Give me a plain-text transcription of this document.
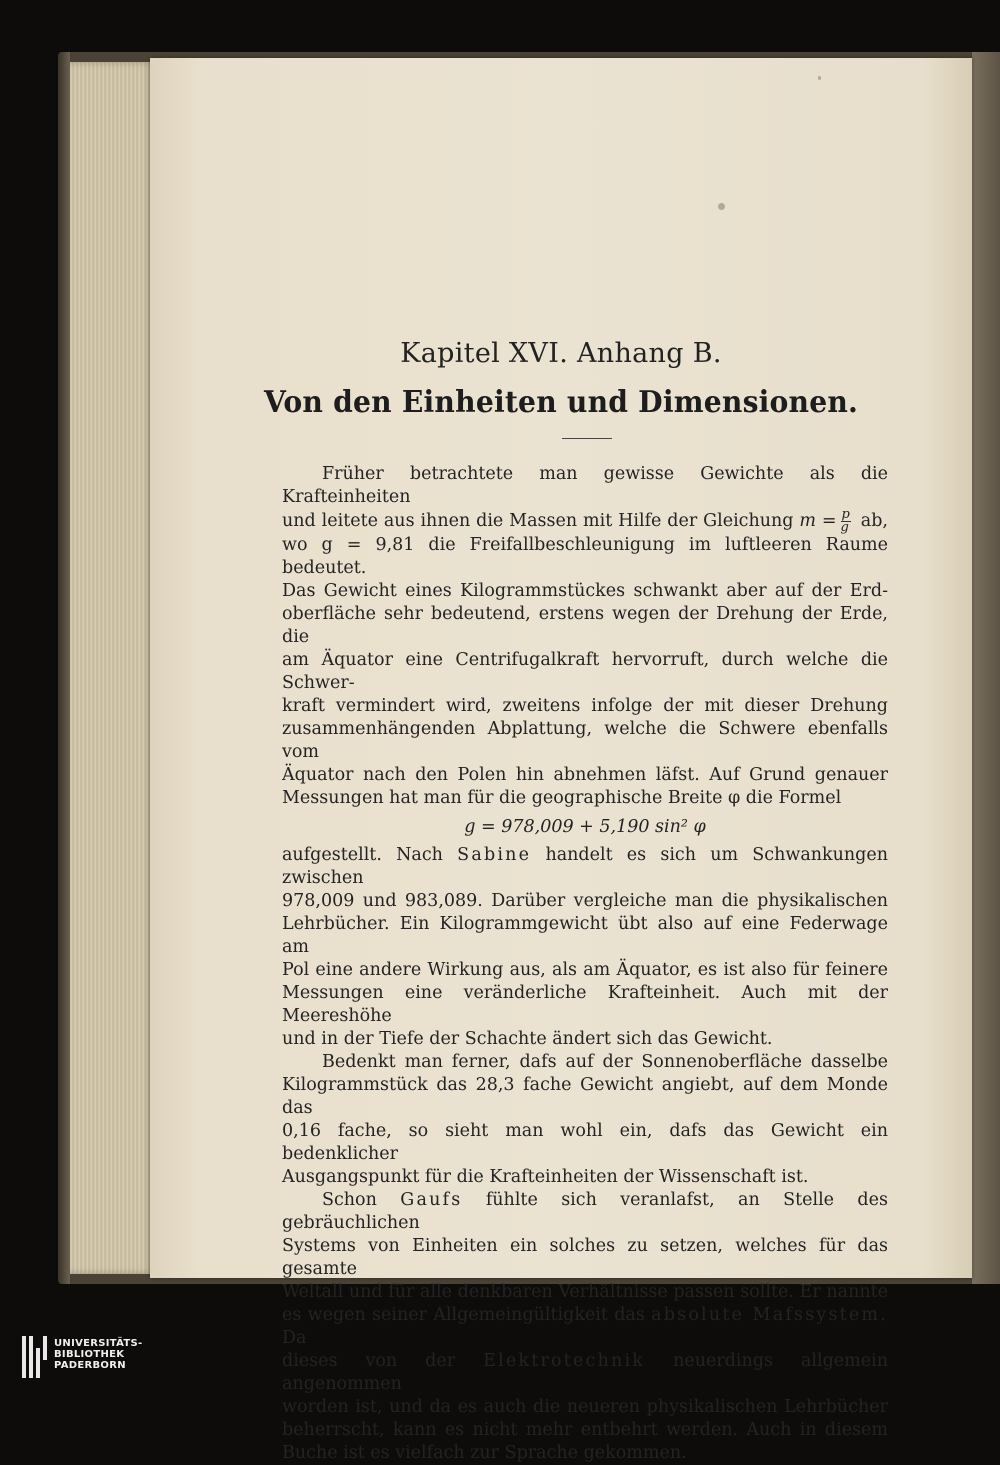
Kapitel XVI. Anhang B.
Von den Einheiten und Dimensionen.
Früher betrachtete man gewisse Gewichte als die Krafteinheiten
und leitete aus ihnen die Massen mit Hilfe der Gleichung $m = \frac{p}{g}$ ab,
wo g = 9,81 die Freifallbeschleunigung im luftleeren Raume bedeutet.
Das Gewicht eines Kilogrammstückes schwankt aber auf der Erd-
oberfläche sehr bedeutend, erstens wegen der Drehung der Erde, die
am Äquator eine Centrifugalkraft hervorruft, durch welche die Schwer-
kraft vermindert wird, zweitens infolge der mit dieser Drehung
zusammenhängenden Abplattung, welche die Schwere ebenfalls vom
Äquator nach den Polen hin abnehmen läfst. Auf Grund genauer
Messungen hat man für die geographische Breite φ die Formel
g = 978,009 + 5,190 sin² φ
aufgestellt. Nach Sabine handelt es sich um Schwankungen zwischen
978,009 und 983,089. Darüber vergleiche man die physikalischen
Lehrbücher. Ein Kilogrammgewicht übt also auf eine Federwage am
Pol eine andere Wirkung aus, als am Äquator, es ist also für feinere
Messungen eine veränderliche Krafteinheit. Auch mit der Meereshöhe
und in der Tiefe der Schachte ändert sich das Gewicht.
Bedenkt man ferner, dafs auf der Sonnenoberfläche dasselbe
Kilogrammstück das 28,3 fache Gewicht angiebt, auf dem Monde das
0,16 fache, so sieht man wohl ein, dafs das Gewicht ein bedenklicher
Ausgangspunkt für die Krafteinheiten der Wissenschaft ist.
Schon Gaufs fühlte sich veranlafst, an Stelle des gebräuchlichen
Systems von Einheiten ein solches zu setzen, welches für das gesamte
Weltall und für alle denkbaren Verhältnisse passen sollte. Er nannte
es wegen seiner Allgemeingültigkeit das absolute Mafssystem. Da
dieses von der Elektrotechnik neuerdings allgemein angenommen
worden ist, und da es auch die neueren physikalischen Lehrbücher
beherrscht, kann es nicht mehr entbehrt werden. Auch in diesem
Buche ist es vielfach zur Sprache gekommen.
UNIVERSITÄTS-
BIBLIOTHEK
PADERBORN
